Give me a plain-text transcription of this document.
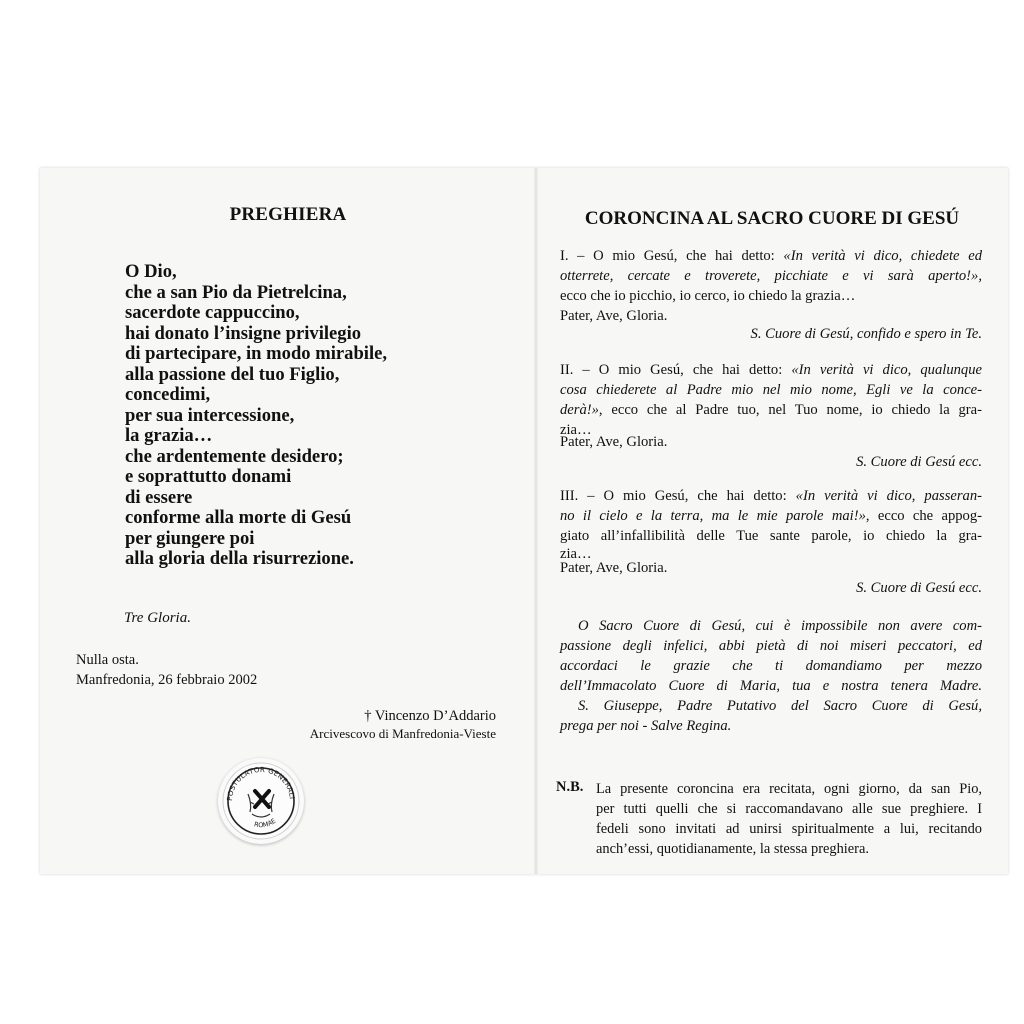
PREGHIERA
O Dio,
che a san Pio da Pietrelcina,
sacerdote cappuccino,
hai donato l’insigne privilegio
di partecipare, in modo mirabile,
alla passione del tuo Figlio,
concedimi,
per sua intercessione,
la grazia…
che ardentemente desidero;
e soprattutto donami
di essere
conforme alla morte di Gesú
per giungere poi
alla gloria della risurrezione.
Tre Gloria.
Nulla osta.
Manfredonia, 26 febbraio 2002
† Vincenzo D’Addario
Arcivescovo di Manfredonia-Vieste
POSTULATOR GENERALI
ROMAE
CORONCINA AL SACRO CUORE DI GESÚ
I. – O mio Gesú, che hai detto: «In verità vi dico, chiedete ed
otterrete, cercate e troverete, picchiate e vi sarà aperto!»,
ecco che io picchio, io cerco, io chiedo la grazia…
Pater, Ave, Gloria.
S. Cuore di Gesú, confido e spero in Te.
II. – O mio Gesú, che hai detto: «In verità vi dico, qualunque
cosa chiederete al Padre mio nel mio nome, Egli ve la conce-
derà!», ecco che al Padre tuo, nel Tuo nome, io chiedo la gra-
zia…
Pater, Ave, Gloria.
S. Cuore di Gesú ecc.
III. – O mio Gesú, che hai detto: «In verità vi dico, passeran-
no il cielo e la terra, ma le mie parole mai!», ecco che appog-
giato all’infallibilità delle Tue sante parole, io chiedo la gra-
zia…
Pater, Ave, Gloria.
S. Cuore di Gesú ecc.
O Sacro Cuore di Gesú, cui è impossibile non avere com-
passione degli infelici, abbi pietà di noi miseri peccatori, ed
accordaci le grazie che ti domandiamo per mezzo
dell’Immacolato Cuore di Maria, tua e nostra tenera Madre.
S. Giuseppe, Padre Putativo del Sacro Cuore di Gesú,
prega per noi - Salve Regina.
N.B. La presente coroncina era recitata, ogni giorno, da san Pio,
per tutti quelli che si raccomandavano alle sue preghiere. I
fedeli sono invitati ad unirsi spiritualmente a lui, recitando
anch’essi, quotidianamente, la stessa preghiera.
